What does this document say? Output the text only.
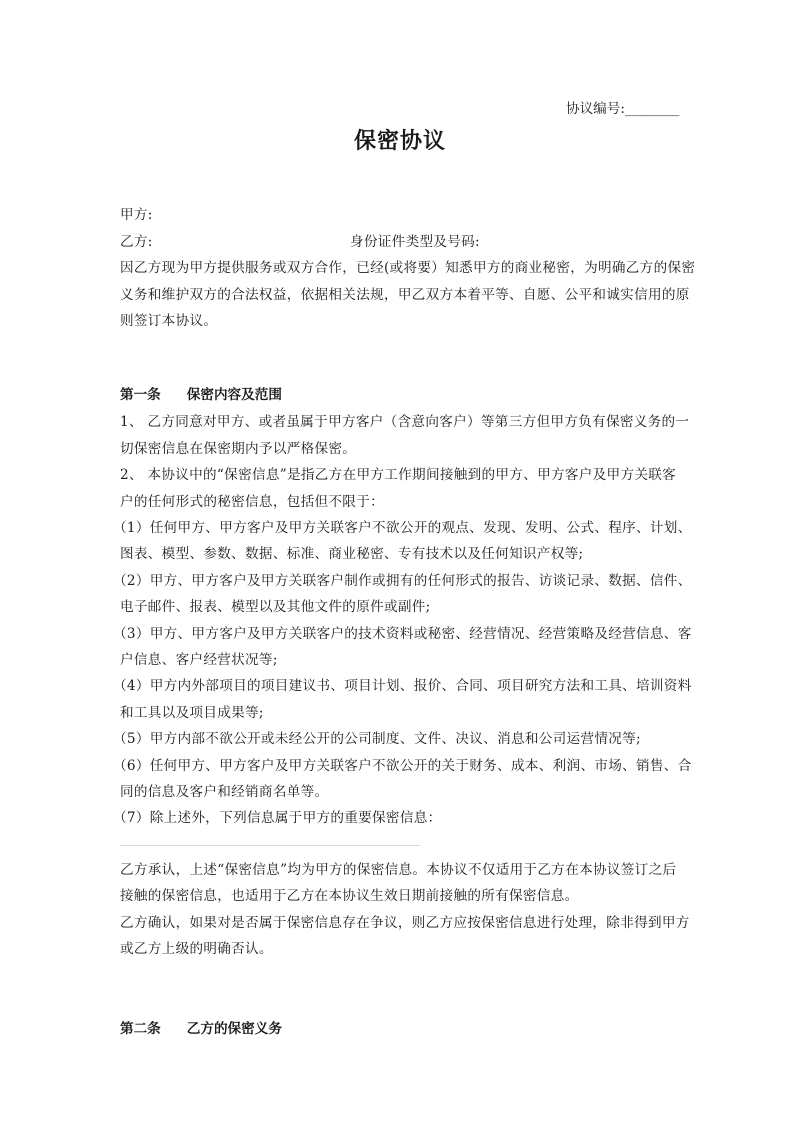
协议编号:________
保密协议
甲方:
乙方:	身份证件类型及号码:
因乙方现为甲方提供服务或双方合作，已经(或将要）知悉甲方的商业秘密，为明确乙方的保密
义务和维护双方的合法权益，依据相关法规，甲乙双方本着平等、自愿、公平和诚实信用的原
则签订本协议。
第一条 保密内容及范围
1、 乙方同意对甲方、或者虽属于甲方客户（含意向客户）等第三方但甲方负有保密义务的一
切保密信息在保密期内予以严格保密。
2、 本协议中的“保密信息”是指乙方在甲方工作期间接触到的甲方、甲方客户及甲方关联客
户的任何形式的秘密信息，包括但不限于：
（1）任何甲方、甲方客户及甲方关联客户不欲公开的观点、发现、发明、公式、程序、计划、
图表、模型、参数、数据、标准、商业秘密、专有技术以及任何知识产权等;
（2）甲方、甲方客户及甲方关联客户制作或拥有的任何形式的报告、访谈记录、数据、信件、
电子邮件、报表、模型以及其他文件的原件或副件;
（3）甲方、甲方客户及甲方关联客户的技术资料或秘密、经营情况、经营策略及经营信息、客
户信息、客户经营状况等;
（4）甲方内外部项目的项目建议书、项目计划、报价、合同、项目研究方法和工具、培训资料
和工具以及项目成果等;
（5）甲方内部不欲公开或未经公开的公司制度、文件、决议、消息和公司运营情况等;
（6）任何甲方、甲方客户及甲方关联客户不欲公开的关于财务、成本、利润、市场、销售、合
同的信息及客户和经销商名单等。
（7）除上述外，下列信息属于甲方的重要保密信息：
乙方承认，上述“保密信息”均为甲方的保密信息。本协议不仅适用于乙方在本协议签订之后
接触的保密信息，也适用于乙方在本协议生效日期前接触的所有保密信息。
乙方确认，如果对是否属于保密信息存在争议，则乙方应按保密信息进行处理，除非得到甲方
或乙方上级的明确否认。
第二条 乙方的保密义务
